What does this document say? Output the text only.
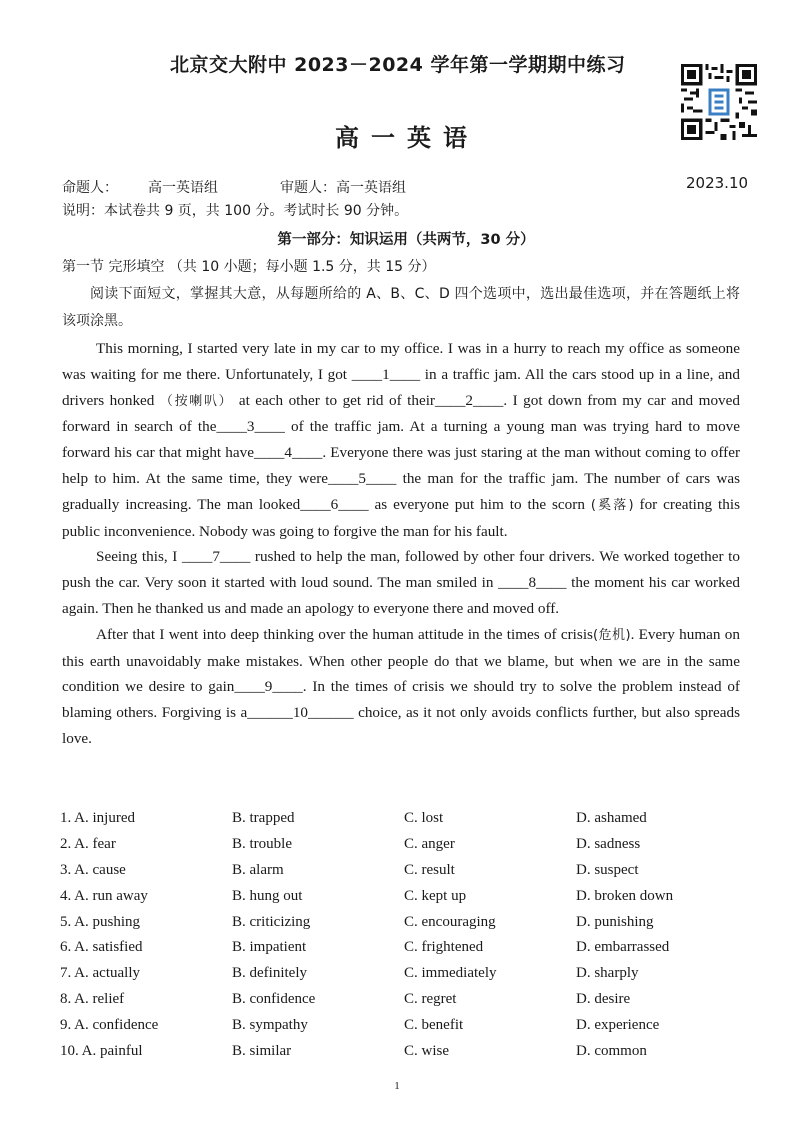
北京交大附中 2023－2024 学年第一学期期中练习
高一英语
命题人： 高一英语组	审题人：高一英语组	2023.10
说明：本试卷共 9 页，共 100 分。考试时长 90 分钟。
第一部分：知识运用（共两节，30 分）
第一节 完形填空 （共 10 小题；每小题 1.5 分，共 15 分）
阅读下面短文，掌握其大意，从每题所给的 A、B、C、D 四个选项中，选出最佳选项，并在答题纸上将该项涂黑。

This morning, I started very late in my car to my office. I was in a hurry to reach my office as someone was waiting for me there. Unfortunately, I got ____1____ in a traffic jam. All the cars stood up in a line, and drivers honked （按喇叭） at each other to get rid of their____2____. I got down from my car and moved forward in search of the____3____ of the traffic jam. At a turning a young man was trying hard to move forward his car that might have____4____. Everyone there was just staring at the man without coming to offer help to him. At the same time, they were____5____ the man for the traffic jam. The number of cars was gradually increasing. The man looked____6____ as everyone put him to the scorn (奚落) for creating this public inconvenience. Nobody was going to forgive the man for his fault.

Seeing this, I ____7____ rushed to help the man, followed by other four drivers. We worked together to push the car. Very soon it started with loud sound. The man smiled in ____8____ the moment his car worked again. Then he thanked us and made an apology to everyone there and moved off.

After that I went into deep thinking over the human attitude in the times of crisis(危机). Every human on this earth unavoidably make mistakes. When other people do that we blame, but when we are in the same condition we desire to gain____9____. In the times of crisis we should try to solve the problem instead of blaming others. Forgiving is a______10______ choice, as it not only avoids conflicts further, but also spreads love.

1. A. injured	B. trapped	C. lost	D. ashamed
2. A. fear	B. trouble	C. anger	D. sadness
3. A. cause	B. alarm	C. result	D. suspect
4. A. run away	B. hung out	C. kept up	D. broken down
5. A. pushing	B. criticizing	C. encouraging	D. punishing
6. A. satisfied	B. impatient	C. frightened	D. embarrassed
7. A. actually	B. definitely	C. immediately	D. sharply
8. A. relief	B. confidence	C. regret	D. desire
9. A. confidence	B. sympathy	C. benefit	D. experience
10. A. painful	B. similar	C. wise	D. common
1
